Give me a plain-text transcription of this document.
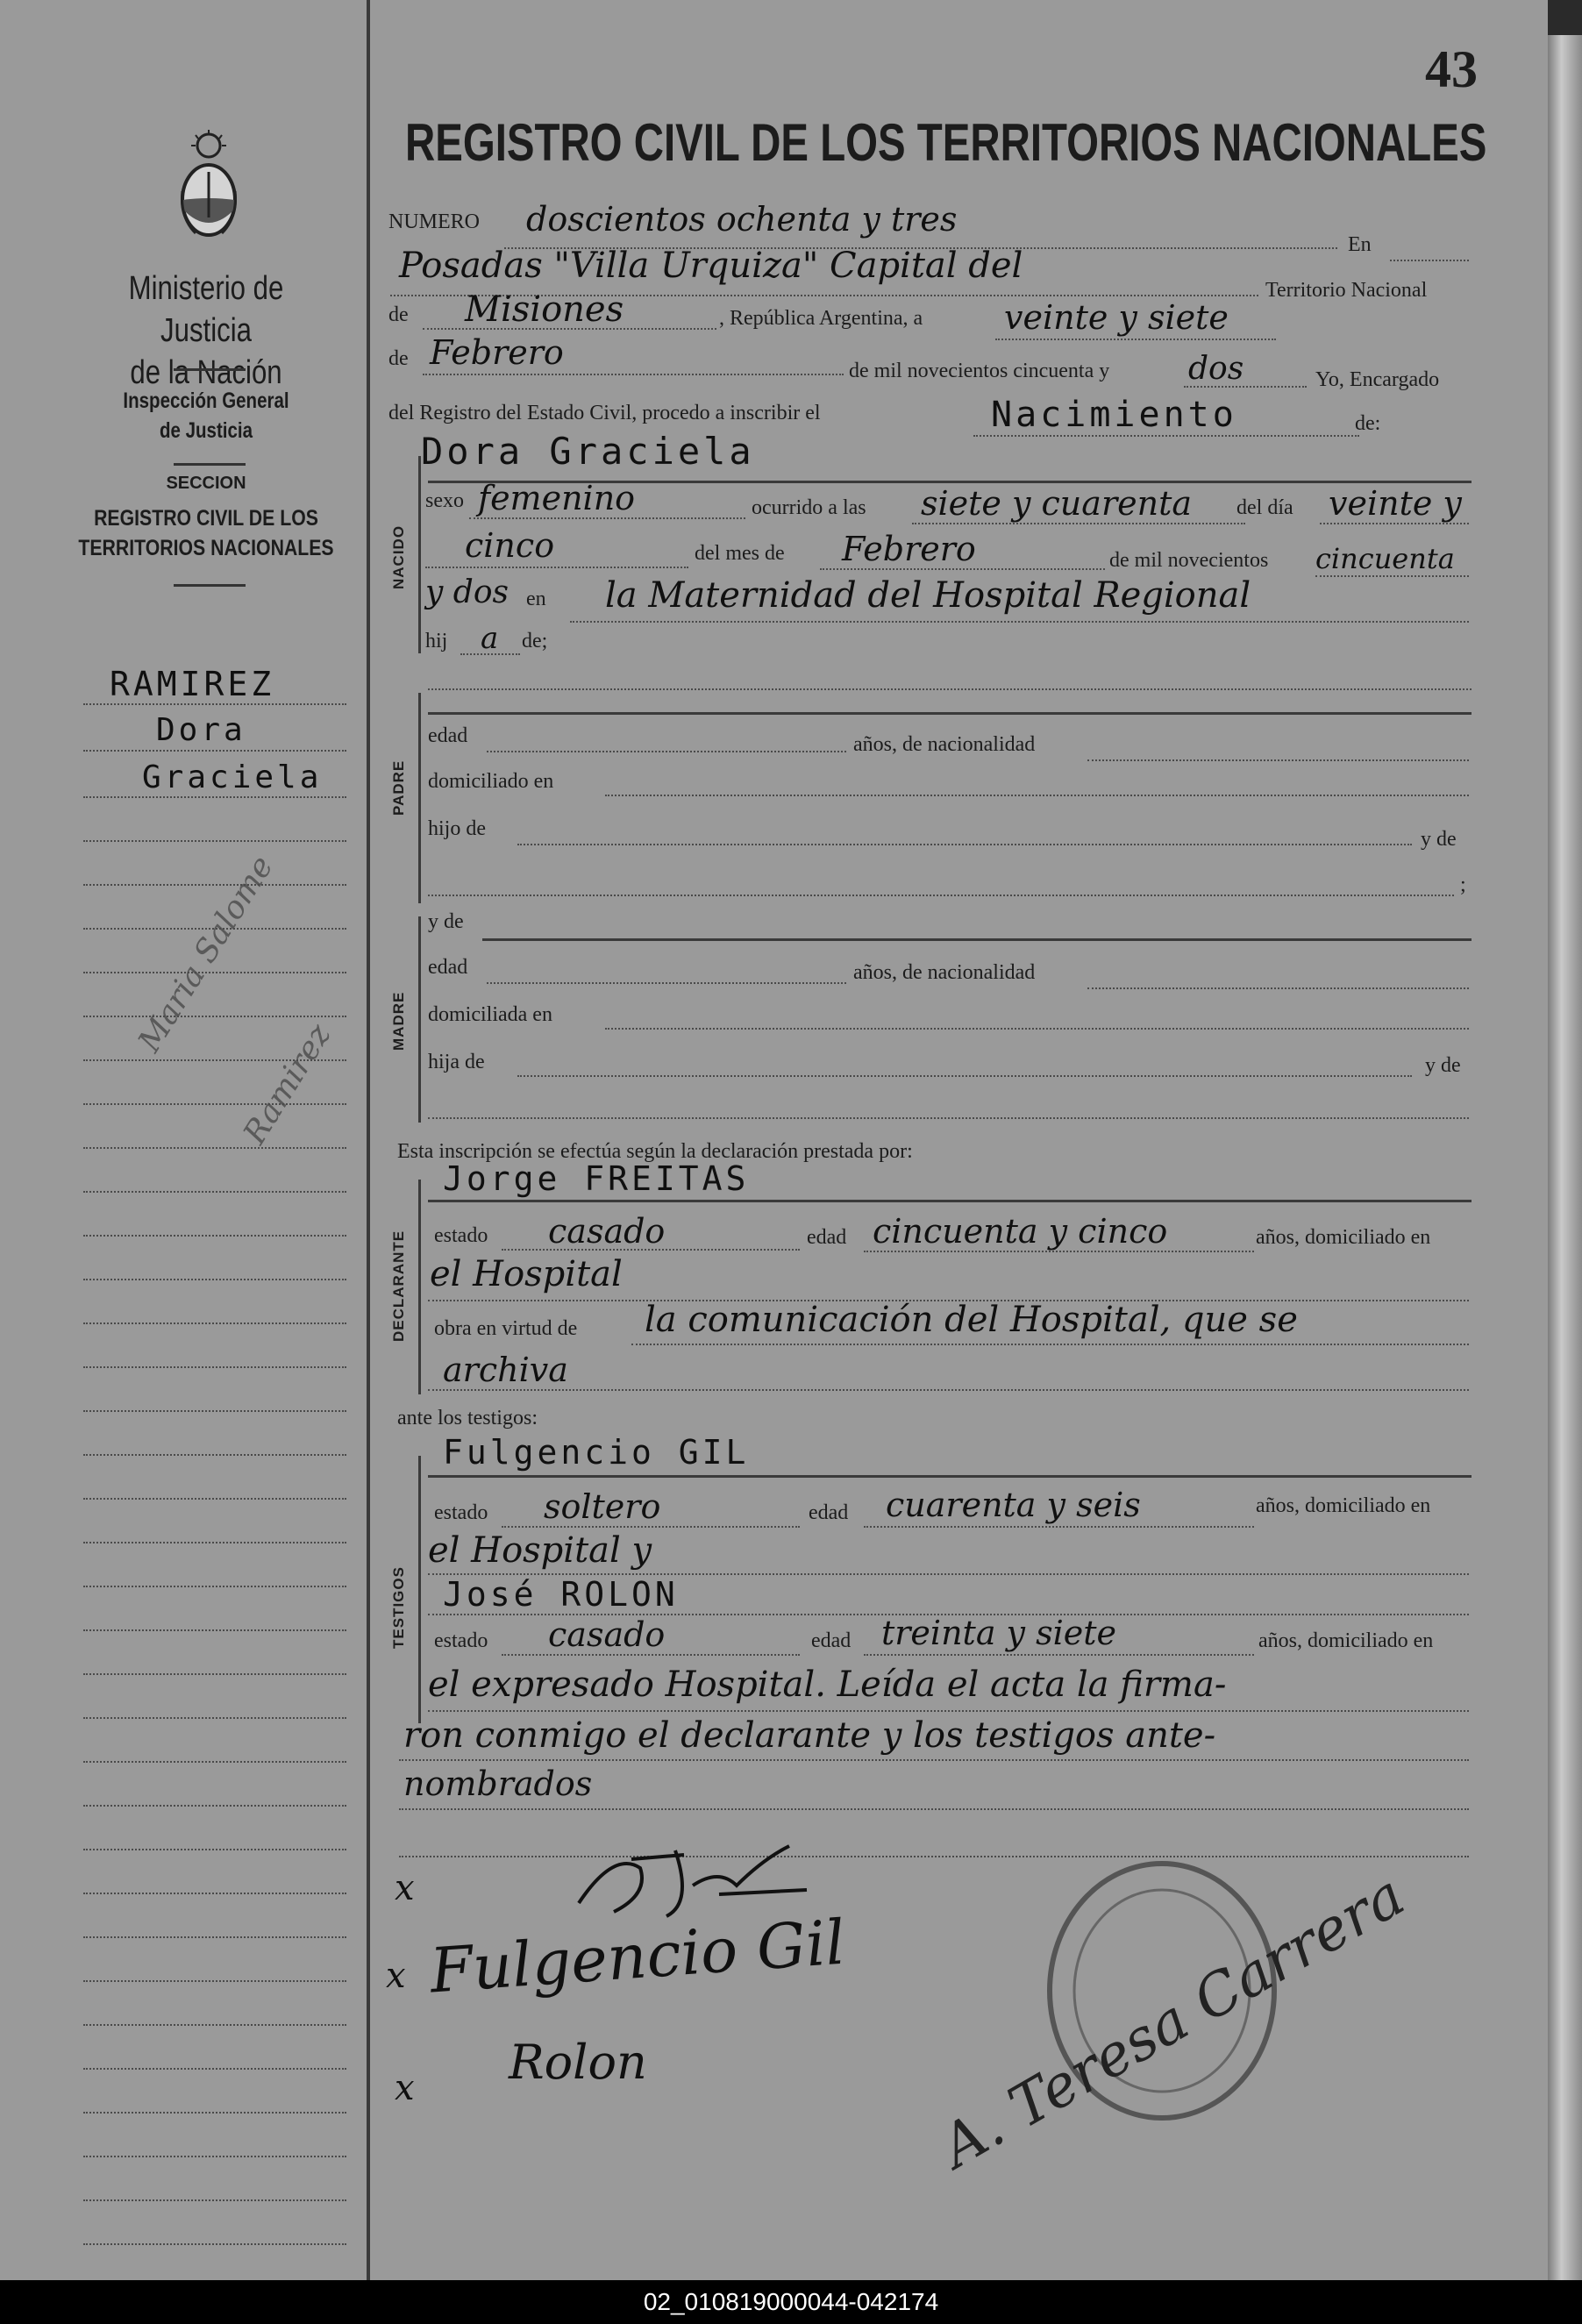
Ministerio de Justicia
de la Nación
Inspección General
de Justicia
SECCION
REGISTRO CIVIL DE LOS
TERRITORIOS NACIONALES
RAMIREZ
Dora
Graciela
Maria Salome
Ramirez
43
REGISTRO CIVIL DE LOS TERRITORIOS NACIONALES
NUMERO doscientos ochenta y tres
En
Posadas "Villa Urquiza" Capital del
Territorio Nacional
de Misiones	, República Argentina, a veinte y siete
de Febrero	de mil novecientos cincuenta y dos	Yo, Encargado
del Registro del Estado Civil, procedo a inscribir el	Nacimiento	de:
Dora Graciela
NACIDO
sexo femenino	ocurrido a las siete y cuarenta del día veinte y
cinco	del mes de Febrero	de mil novecientos cincuenta
y dos en la Maternidad del Hospital Regional
hij a de;
PADRE
edad	años, de nacionalidad
domiciliado en
hijo de	y de
;
MADRE
y de
edad	años, de nacionalidad
domiciliada en
hija de	y de
Esta inscripción se efectúa según la declaración prestada por:
Jorge FREITAS
DECLARANTE estado casado	edad cincuenta y cinco	años, domiciliado en
el Hospital
obra en virtud de la comunicación del Hospital, que se
archiva
ante los testigos:
Fulgencio GIL
TESTIGOS
estado soltero	edad cuarenta y seis	años, domiciliado en
el Hospital y
José ROLON
estado casado	edad treinta y siete	años, domiciliado en
el expresado Hospital. Leída el acta la firma-
ron conmigo el declarante y los testigos ante-
nombrados
x
x
x
Fulgencio Gil
Rolon	A. Teresa Carrera
02_010819000044-042174
